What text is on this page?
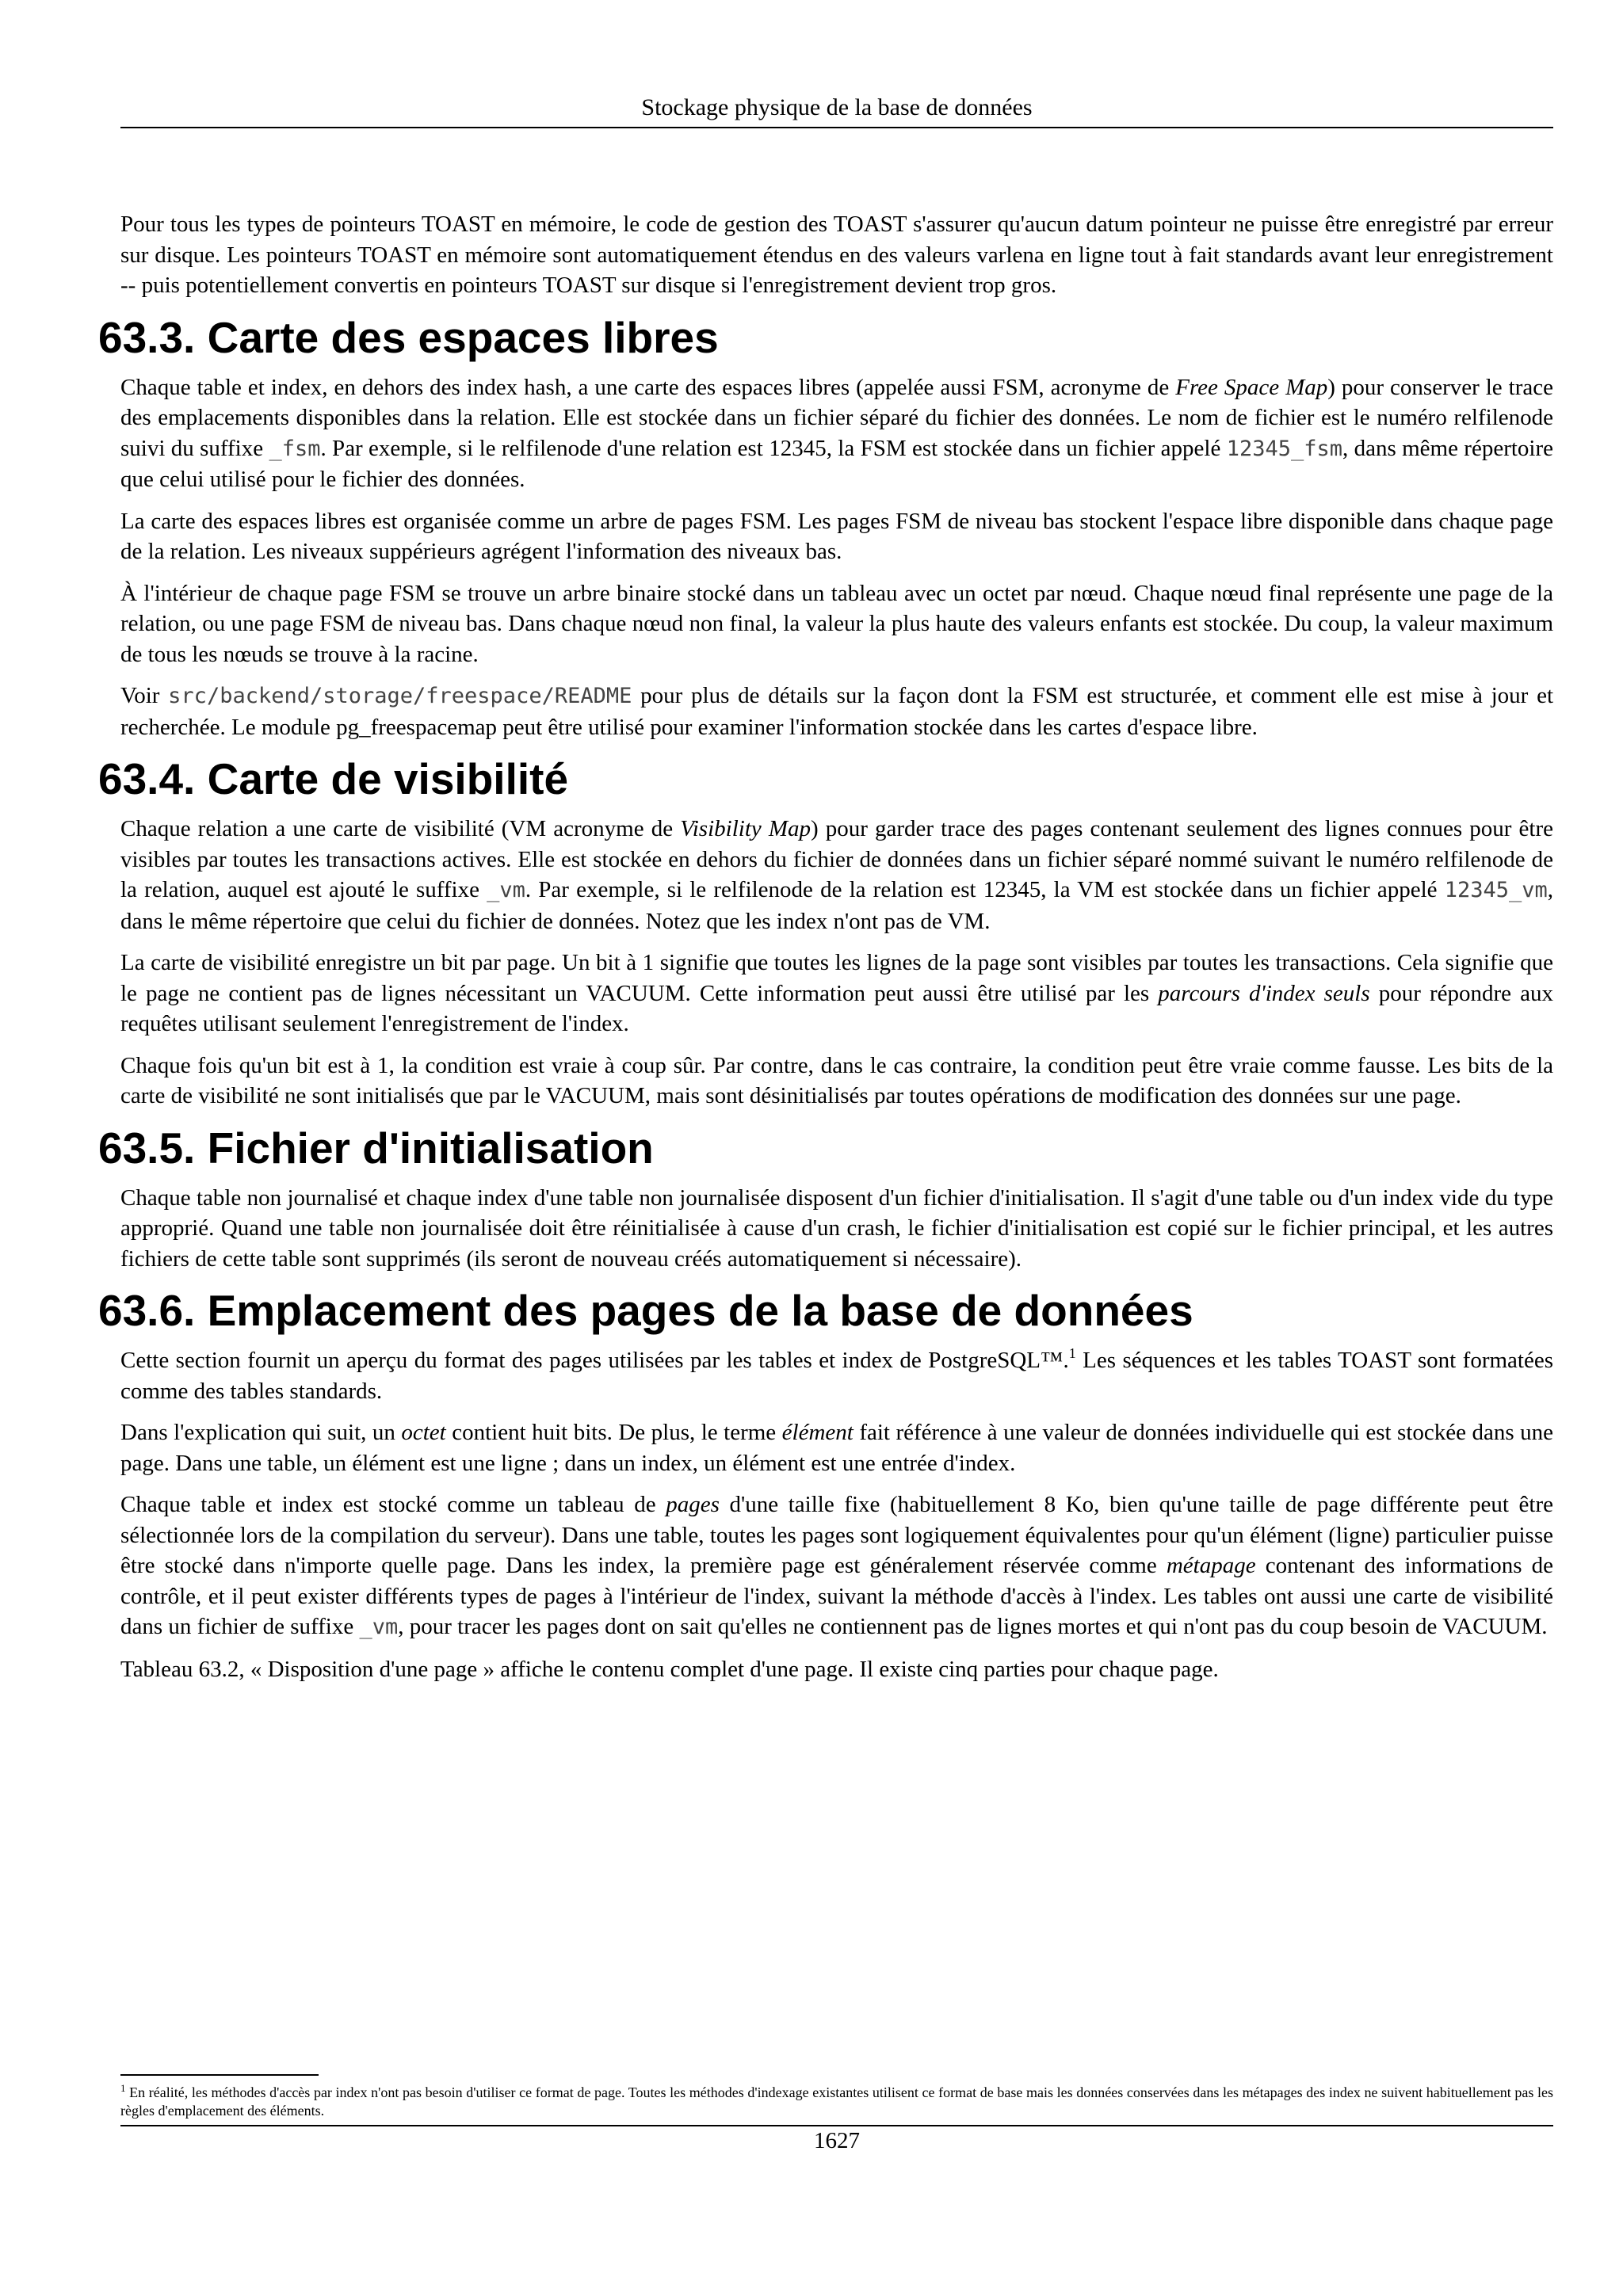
Stockage physique de la base de données

Pour tous les types de pointeurs TOAST en mémoire, le code de gestion des TOAST s'assurer qu'aucun datum pointeur ne puisse être enregistré par erreur sur disque. Les pointeurs TOAST en mémoire sont automatiquement étendus en des valeurs varlena en ligne tout à fait standards avant leur enregistrement -- puis potentiellement convertis en pointeurs TOAST sur disque si l'enregistrement devient trop gros.

63.3. Carte des espaces libres

Chaque table et index, en dehors des index hash, a une carte des espaces libres (appelée aussi FSM, acronyme de Free Space Map) pour conserver le trace des emplacements disponibles dans la relation. Elle est stockée dans un fichier séparé du fichier des données. Le nom de fichier est le numéro relfilenode suivi du suffixe _fsm. Par exemple, si le relfilenode d'une relation est 12345, la FSM est stockée dans un fichier appelé 12345_fsm, dans même répertoire que celui utilisé pour le fichier des données.

La carte des espaces libres est organisée comme un arbre de pages FSM. Les pages FSM de niveau bas stockent l'espace libre disponible dans chaque page de la relation. Les niveaux suppérieurs agrégent l'information des niveaux bas.

À l'intérieur de chaque page FSM se trouve un arbre binaire stocké dans un tableau avec un octet par nœud. Chaque nœud final représente une page de la relation, ou une page FSM de niveau bas. Dans chaque nœud non final, la valeur la plus haute des valeurs enfants est stockée. Du coup, la valeur maximum de tous les nœuds se trouve à la racine.

Voir src/backend/storage/freespace/README pour plus de détails sur la façon dont la FSM est structurée, et comment elle est mise à jour et recherchée. Le module pg_freespacemap peut être utilisé pour examiner l'information stockée dans les cartes d'espace libre.

63.4. Carte de visibilité

Chaque relation a une carte de visibilité (VM acronyme de Visibility Map) pour garder trace des pages contenant seulement des lignes connues pour être visibles par toutes les transactions actives. Elle est stockée en dehors du fichier de données dans un fichier séparé nommé suivant le numéro relfilenode de la relation, auquel est ajouté le suffixe _vm. Par exemple, si le relfilenode de la relation est 12345, la VM est stockée dans un fichier appelé 12345_vm, dans le même répertoire que celui du fichier de données. Notez que les index n'ont pas de VM.

La carte de visibilité enregistre un bit par page. Un bit à 1 signifie que toutes les lignes de la page sont visibles par toutes les transactions. Cela signifie que le page ne contient pas de lignes nécessitant un VACUUM. Cette information peut aussi être utilisé par les parcours d'index seuls pour répondre aux requêtes utilisant seulement l'enregistrement de l'index.

Chaque fois qu'un bit est à 1, la condition est vraie à coup sûr. Par contre, dans le cas contraire, la condition peut être vraie comme fausse. Les bits de la carte de visibilité ne sont initialisés que par le VACUUM, mais sont désinitialisés par toutes opérations de modification des données sur une page.

63.5. Fichier d'initialisation

Chaque table non journalisé et chaque index d'une table non journalisée disposent d'un fichier d'initialisation. Il s'agit d'une table ou d'un index vide du type approprié. Quand une table non journalisée doit être réinitialisée à cause d'un crash, le fichier d'initialisation est copié sur le fichier principal, et les autres fichiers de cette table sont supprimés (ils seront de nouveau créés automatiquement si nécessaire).

63.6. Emplacement des pages de la base de données

Cette section fournit un aperçu du format des pages utilisées par les tables et index de PostgreSQL™.$^1$ Les séquences et les tables TOAST sont formatées comme des tables standards.

Dans l'explication qui suit, un octet contient huit bits. De plus, le terme élément fait référence à une valeur de données individuelle qui est stockée dans une page. Dans une table, un élément est une ligne ; dans un index, un élément est une entrée d'index.

Chaque table et index est stocké comme un tableau de pages d'une taille fixe (habituellement 8 Ko, bien qu'une taille de page différente peut être sélectionnée lors de la compilation du serveur). Dans une table, toutes les pages sont logiquement équivalentes pour qu'un élément (ligne) particulier puisse être stocké dans n'importe quelle page. Dans les index, la première page est généralement réservée comme métapage contenant des informations de contrôle, et il peut exister différents types de pages à l'intérieur de l'index, suivant la méthode d'accès à l'index. Les tables ont aussi une carte de visibilité dans un fichier de suffixe _vm, pour tracer les pages dont on sait qu'elles ne contiennent pas de lignes mortes et qui n'ont pas du coup besoin de VACUUM.

Tableau 63.2, « Disposition d'une page » affiche le contenu complet d'une page. Il existe cinq parties pour chaque page.

$^1$ En réalité, les méthodes d'accès par index n'ont pas besoin d'utiliser ce format de page. Toutes les méthodes d'indexage existantes utilisent ce format de base mais les données conservées dans les métapages des index ne suivent habituellement pas les règles d'emplacement des éléments.
1627
